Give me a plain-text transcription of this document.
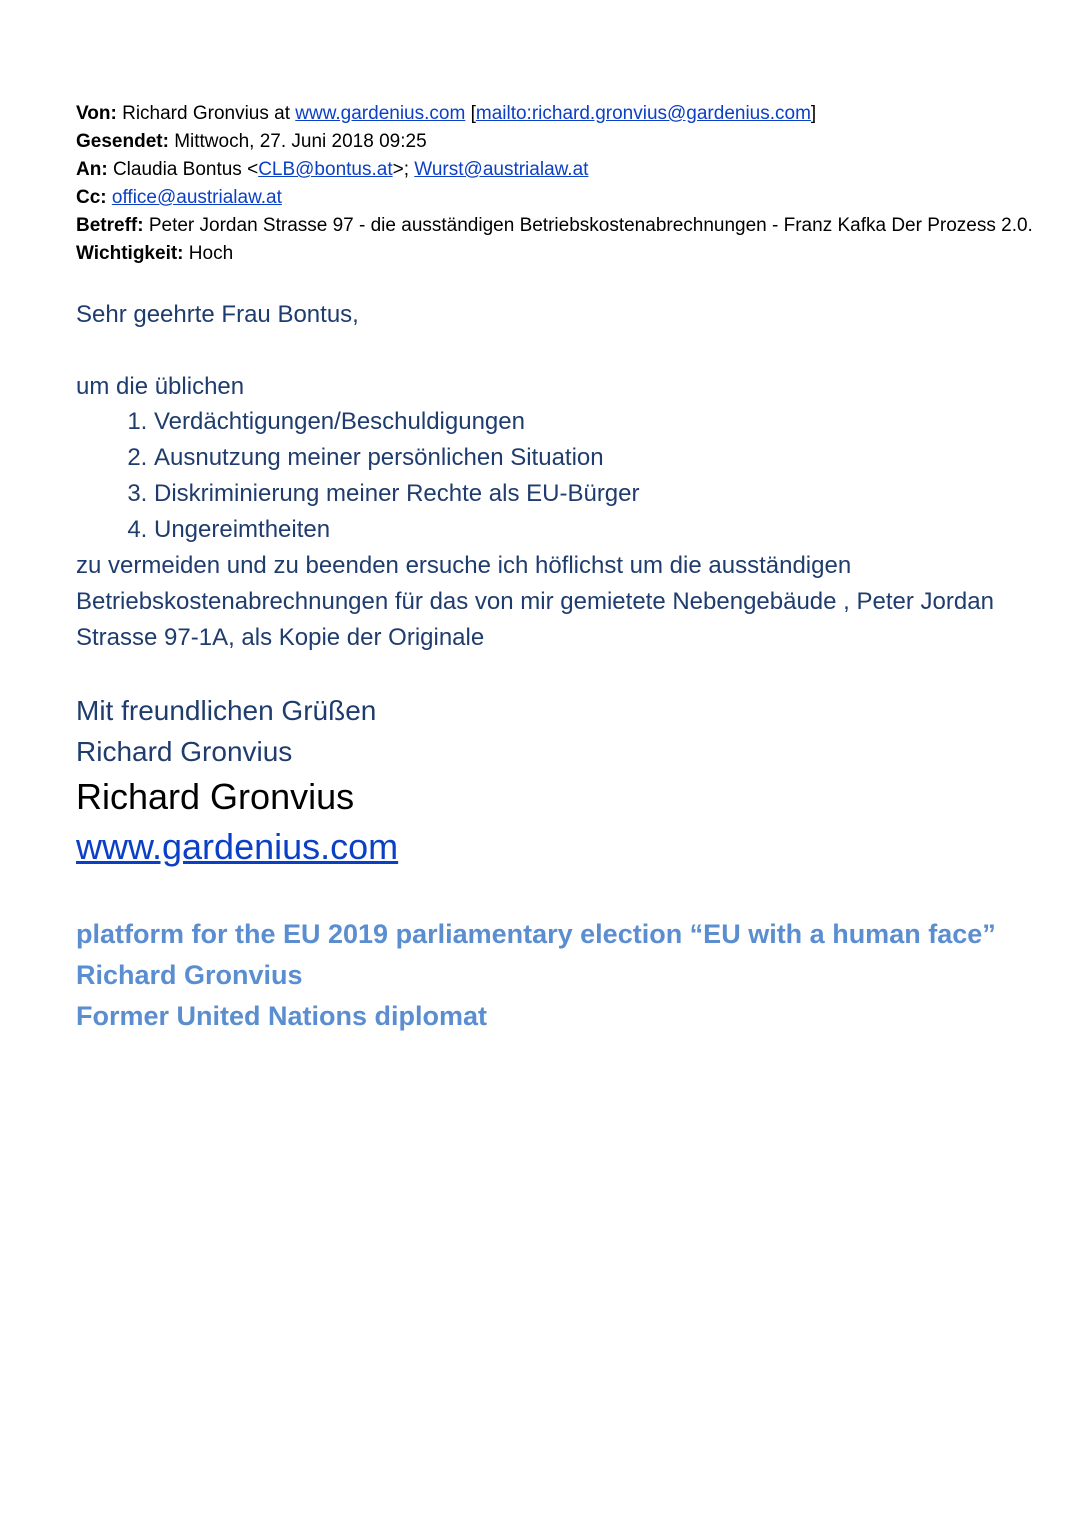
Von: Richard Gronvius at www.gardenius.com [mailto:richard.gronvius@gardenius.com]
Gesendet: Mittwoch, 27. Juni 2018 09:25
An: Claudia Bontus <CLB@bontus.at>; Wurst@austrialaw.at
Cc: office@austrialaw.at
Betreff: Peter Jordan Strasse 97 - die ausständigen Betriebskostenabrechnungen - Franz Kafka Der Prozess 2.0.
Wichtigkeit: Hoch
Sehr geehrte Frau Bontus,
um die üblichen
1. Verdächtigungen/Beschuldigungen
2. Ausnutzung meiner persönlichen Situation
3. Diskriminierung meiner Rechte als EU-Bürger
4. Ungereimtheiten
zu vermeiden und zu beenden ersuche ich höflichst um die ausständigen Betriebskostenabrechnungen für das von mir gemietete Nebengebäude , Peter Jordan Strasse 97-1A, als Kopie der Originale
Mit freundlichen Grüßen
Richard Gronvius
Richard Gronvius
www.gardenius.com
platform for the EU 2019 parliamentary election “EU with a human face”
Richard Gronvius
Former United Nations diplomat
